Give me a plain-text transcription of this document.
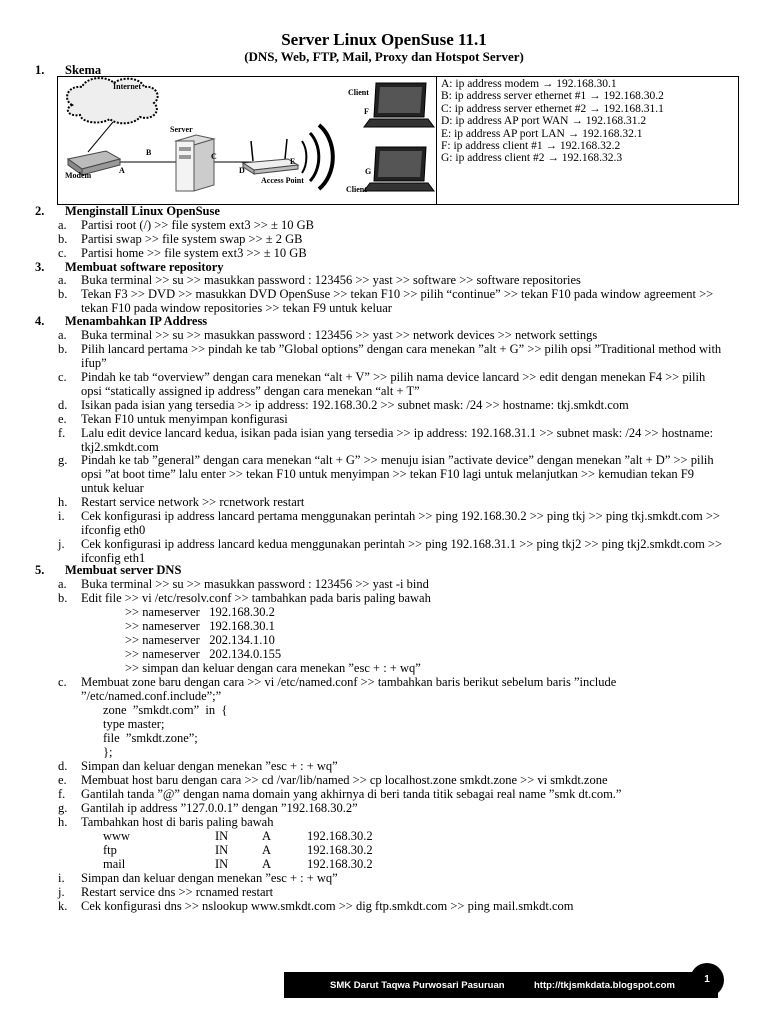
Server Linux OpenSuse 11.1
(DNS, Web, FTP, Mail, Proxy dan Hotspot Server)
1. Skema
Internet
Server
Modem
A
B	C
D
E
Access Point
Client
F
G
Client
A: ip address modem → 192.168.30.1
B: ip address server ethernet #1 → 192.168.30.2
C: ip address server ethernet #2 → 192.168.31.1
D: ip address AP port WAN → 192.168.31.2
E: ip address AP port LAN → 192.168.32.1
F: ip address client #1 → 192.168.32.2
G: ip address client #2 → 192.168.32.3
2. Menginstall Linux OpenSuse
a. Partisi root (/) >> file system ext3 >> ± 10 GB
b. Partisi swap >> file system swap >> ± 2 GB
c. Partisi home >> file system ext3 >> ± 10 GB
3. Membuat software repository
a. Buka terminal >> su >> masukkan password : 123456 >> yast >> software >> software repositories
b. Tekan F3 >> DVD >> masukkan DVD OpenSuse >> tekan F10 >> pilih “continue” >> tekan F10 pada window agreement >> tekan F10 pada window repositories >> tekan F9 untuk keluar
4. Menambahkan IP Address
a. Buka terminal >> su >> masukkan password : 123456 >> yast >> network devices >> network settings
b. Pilih lancard pertama >> pindah ke tab ”Global options” dengan cara menekan ”alt + G” >> pilih opsi ”Traditional method with ifup”
c. Pindah ke tab “overview” dengan cara menekan “alt + V” >> pilih nama device lancard >> edit dengan menekan F4 >> pilih opsi “statically assigned ip address” dengan cara menekan “alt + T”
d. Isikan pada isian yang tersedia >> ip address: 192.168.30.2 >> subnet mask: /24 >> hostname: tkj.smkdt.com
e. Tekan F10 untuk menyimpan konfigurasi
f. Lalu edit device lancard kedua, isikan pada isian yang tersedia >> ip address: 192.168.31.1 >> subnet mask: /24 >> hostname: tkj2.smkdt.com
g. Pindah ke tab ”general” dengan cara menekan “alt + G” >> menuju isian ”activate device” dengan menekan ”alt + D” >> pilih opsi ”at boot time” lalu enter >> tekan F10 untuk menyimpan >> tekan F10 lagi untuk melanjutkan >> kemudian tekan F9 untuk keluar
h. Restart service network >> rcnetwork restart
i. Cek konfigurasi ip address lancard pertama menggunakan perintah >> ping 192.168.30.2 >> ping tkj >> ping tkj.smkdt.com >> ifconfig eth0
j. Cek konfigurasi ip address lancard kedua menggunakan perintah >> ping 192.168.31.1 >> ping tkj2 >> ping tkj2.smkdt.com >> ifconfig eth1
5. Membuat server DNS
a. Buka terminal >> su >> masukkan password : 123456 >> yast -i bind
b. Edit file >> vi /etc/resolv.conf >> tambahkan pada baris paling bawah
>> nameserver   192.168.30.2
>> nameserver   192.168.30.1
>> nameserver   202.134.1.10
>> nameserver   202.134.0.155
>> simpan dan keluar dengan cara menekan ”esc + : + wq”
c. Membuat zone baru dengan cara >> vi /etc/named.conf >> tambahkan baris berikut sebelum baris ”include ”/etc/named.conf.include”;”
zone  ”smkdt.com”  in  {
type master;
file  ”smkdt.zone”;
};
d. Simpan dan keluar dengan menekan ”esc + : + wq”
e. Membuat host baru dengan cara >> cd /var/lib/named >> cp localhost.zone smkdt.zone >> vi smkdt.zone
f. Gantilah tanda ”@” dengan nama domain yang akhirnya di beri tanda titik sebagai real name ”smk dt.com.”
g. Gantilah ip address ”127.0.0.1” dengan ”192.168.30.2”
h. Tambahkan host di baris paling bawah
www	IN	A	192.168.30.2
ftp	IN	A	192.168.30.2
mail	IN	A	192.168.30.2
i. Simpan dan keluar dengan menekan ”esc + : + wq”
j. Restart service dns >> rcnamed restart
k. Cek konfigurasi dns >> nslookup www.smkdt.com >> dig ftp.smkdt.com >> ping mail.smkdt.com
SMK Darut Taqwa Purwosari Pasuruan	http://tkjsmkdata.blogspot.com
1
